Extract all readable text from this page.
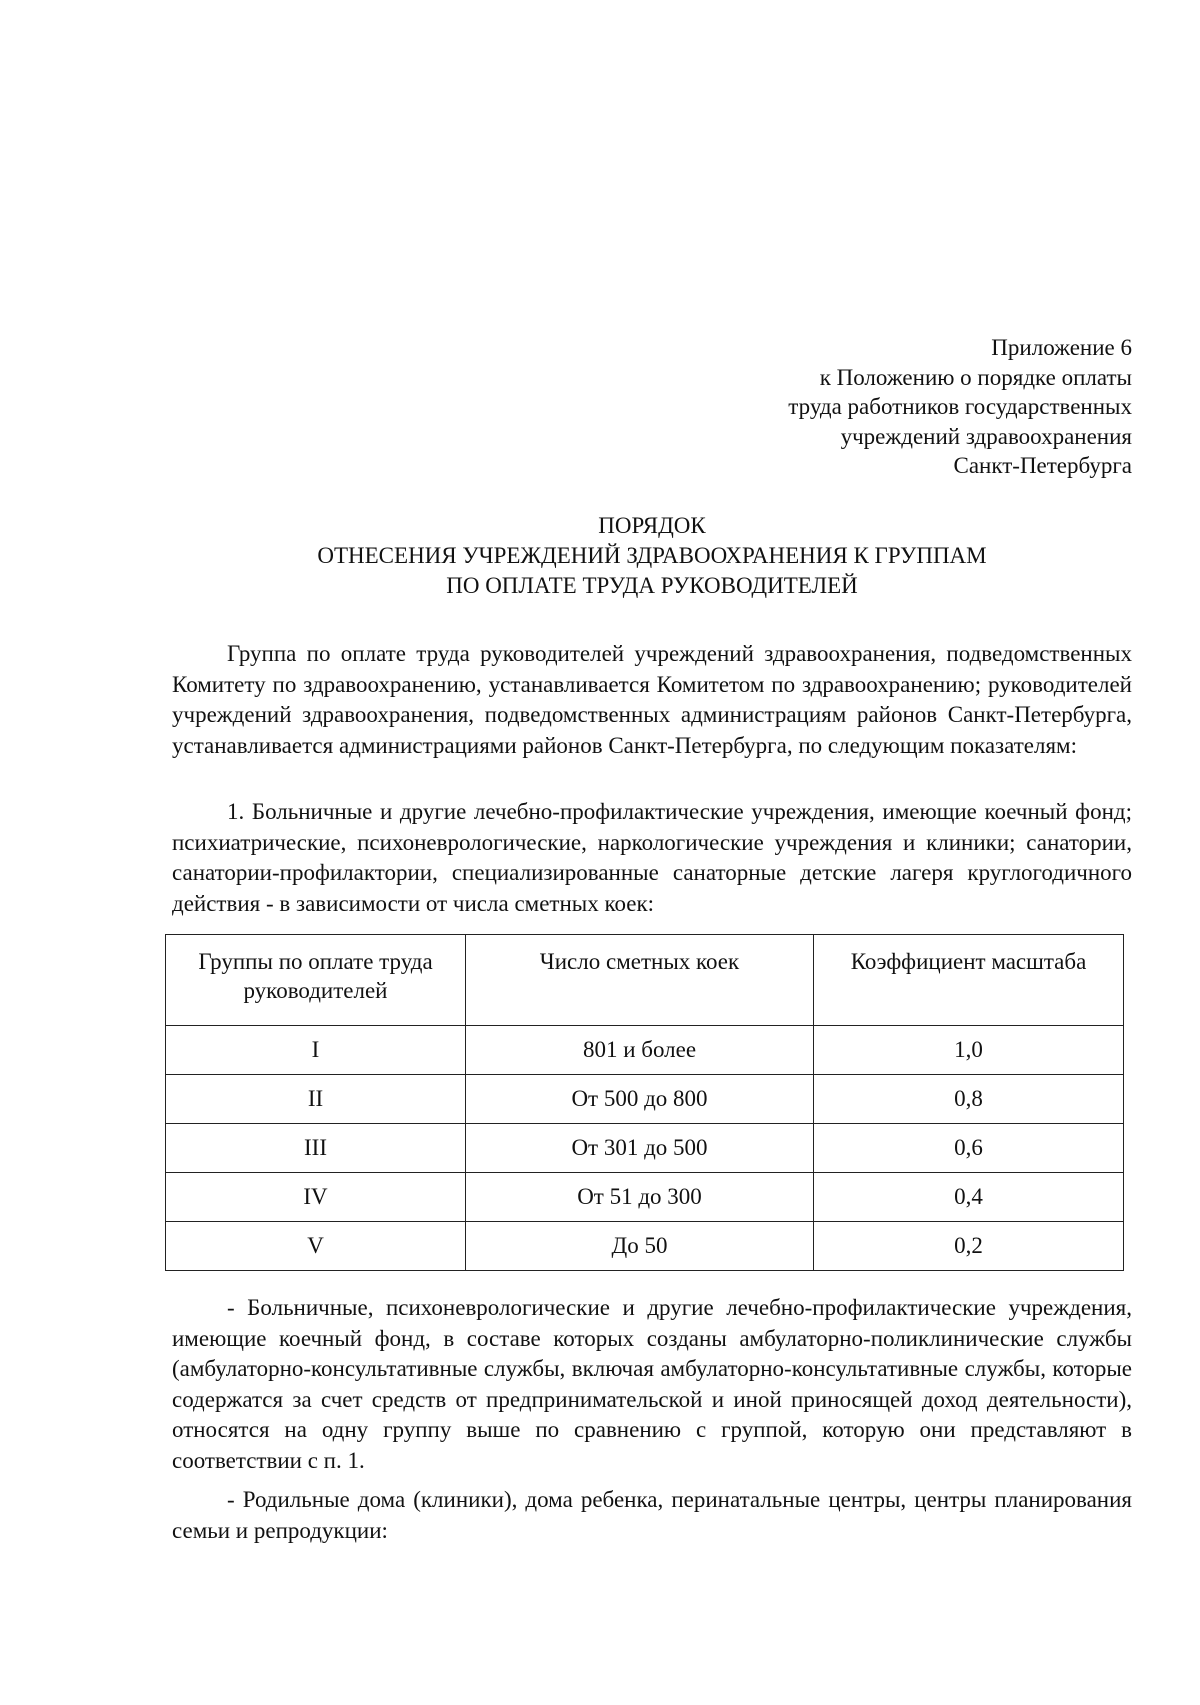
Приложение 6
к Положению о порядке оплаты
труда работников государственных
учреждений здравоохранения
Санкт-Петербурга
ПОРЯДОК
ОТНЕСЕНИЯ УЧРЕЖДЕНИЙ ЗДРАВООХРАНЕНИЯ К ГРУППАМ
ПО ОПЛАТЕ ТРУДА РУКОВОДИТЕЛЕЙ

Группа по оплате труда руководителей учреждений здравоохранения, подведомственных Комитету по здравоохранению, устанавливается Комитетом по здравоохранению; руководителей учреждений здравоохранения, подведомственных администрациям районов Санкт-Петербурга, устанавливается администрациями районов Санкт-Петербурга, по следующим показателям:

1. Больничные и другие лечебно-профилактические учреждения, имеющие коечный фонд; психиатрические, психоневрологические, наркологические учреждения и клиники; санатории, санатории-профилактории, специализированные санаторные детские лагеря круглогодичного действия - в зависимости от числа сметных коек:

Группы по оплате труда руководителей	Число сметных коек	Коэффициент масштаба
I	801 и более	1,0
II	От 500 до 800	0,8
III	От 301 до 500	0,6
IV	От 51 до 300	0,4
V	До 50	0,2

- Больничные, психоневрологические и другие лечебно-профилактические учреждения, имеющие коечный фонд, в составе которых созданы амбулаторно-поликлинические службы (амбулаторно-консультативные службы, включая амбулаторно-консультативные службы, которые содержатся за счет средств от предпринимательской и иной приносящей доход деятельности), относятся на одну группу выше по сравнению с группой, которую они представляют в соответствии с п. 1.

- Родильные дома (клиники), дома ребенка, перинатальные центры, центры планирования семьи и репродукции:
